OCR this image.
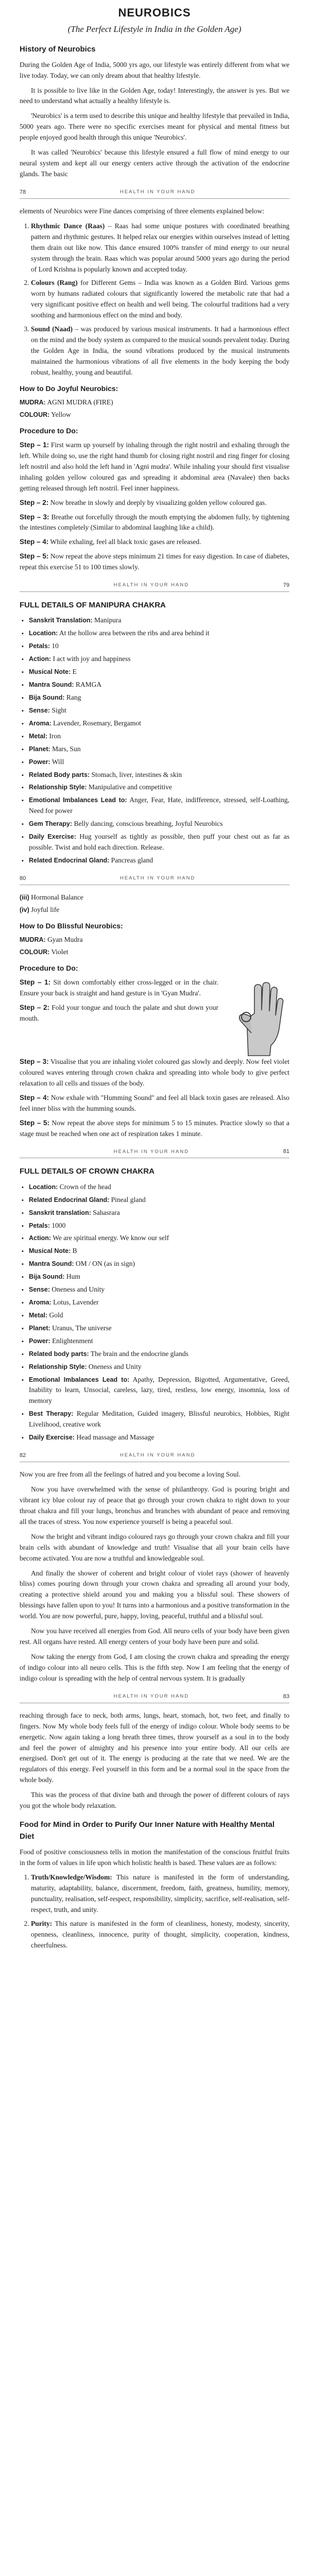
NEUROBICS
(The Perfect Lifestyle in India in the Golden Age)
History of Neurobics

During the Golden Age of India, 5000 yrs ago, our lifestyle was entirely different from what we live today. Today, we can only dream about that healthy lifestyle.

It is possible to live like in the Golden Age, today! Interestingly, the answer is yes. But we need to understand what actually a healthy lifestyle is.

'Neurobics' is a term used to describe this unique and healthy lifestyle that prevailed in India, 5000 years ago. There were no specific exercises meant for physical and mental fitness but people enjoyed good health through this unique 'Neurobics'.

It was called 'Neurobics' because this lifestyle ensured a full flow of mind energy to our neural system and kept all our energy centers active through the activation of the endocrine glands. The basic

78	HEALTH IN YOUR HAND

elements of Neurobics were Fine dances comprising of three elements explained below:

1. Rhythmic Dance (Raas) – Raas had some unique postures with coordinated breathing pattern and rhythmic gestures. It helped relax our energies within ourselves instead of letting them drain out like now. This dance ensured 100% transfer of mind energy to our neural system through the brain. Raas which was popular around 5000 years ago during the period of Lord Krishna is popularly known and accepted today.
2. Colours (Rang) for Different Gems – India was known as a Golden Bird. Various gems worn by humans radiated colours that significantly lowered the metabolic rate that had a very significant positive effect on health and well being. The colourful traditions had a very soothing and harmonious effect on the mind and body.
3. Sound (Naad) – was produced by various musical instruments. It had a harmonious effect on the mind and the body system as compared to the musical sounds prevalent today. During the Golden Age in India, the sound vibrations produced by the musical instruments maintained the harmonious vibrations of all five elements in the body keeping the body robust, healthy, young and beautiful.
How to Do Joyful Neurobics:
MUDRA: AGNI MUDRA (FIRE)
COLOUR: Yellow
Procedure to Do:

Step – 1: First warm up yourself by inhaling through the right nostril and exhaling through the left. While doing so, use the right hand thumb for closing right nostril and ring finger for closing left nostril and also hold the left hand in 'Agni mudra'. While inhaling your should first visualise inhaling golden yellow coloured gas and spreading it abdominal area (Navalee) then backs getting released through left nostril. Feel inner happiness.

Step – 2: Now breathe in slowly and deeply by visualizing golden yellow coloured gas.

Step – 3: Breathe out forcefully through the mouth emptying the abdomen fully, by tightening the intestines completely (Similar to abdominal laughing like a child).

Step – 4: While exhaling, feel all black toxic gases are released.

Step – 5: Now repeat the above steps minimum 21 times for easy digestion. In case of diabetes, repeat this exercise 51 to 100 times slowly.

HEALTH IN YOUR HAND	79
FULL DETAILS OF MANIPURA CHAKRA
▪ Sanskrit Translation: Manipura
▪ Location: At the hollow area between the ribs and area behind it
▪ Petals: 10
▪ Action: I act with joy and happiness
▪ Musical Note: E
▪ Mantra Sound: RAMGA
▪ Bija Sound: Rang
▪ Sense: Sight
▪ Aroma: Lavender, Rosemary, Bergamot
▪ Metal: Iron
▪ Planet: Mars, Sun
▪ Power: Will
▪ Related Body parts: Stomach, liver, intestines & skin
▪ Relationship Style: Manipulative and competitive
▪ Emotional Imbalances Lead to: Anger, Fear, Hate, indifference, stressed, self-Loathing, Need for power
▪ Gem Therapy: Belly dancing, conscious breathing, Joyful Neurobics
▪ Daily Exercise: Hug yourself as tightly as possible, then puff your chest out as far as possible. Twist and hold each direction. Release.
▪ Related Endocrinal Gland: Pancreas gland
80	HEALTH IN YOUR HAND
(iii) Hormonal Balance
(iv) Joyful life
How to Do Blissful Neurobics:
MUDRA: Gyan Mudra
COLOUR: Violet
Procedure to Do:

Step – 1: Sit down comfortably either cross-legged or in the chair. Ensure your back is straight and hand gesture is in 'Gyan Mudra'.

Step – 2: Fold your tongue and touch the palate and shut down your mouth.

Step – 3: Visualise that you are inhaling violet coloured gas slowly and deeply. Now feel violet coloured waves entering through crown chakra and spreading into whole body to give perfect relaxation to all cells and tissues of the body.

Step – 4: Now exhale with "Humming Sound" and feel all black toxin gases are released. Also feel inner bliss with the humming sounds.

Step – 5: Now repeat the above steps for minimum 5 to 15 minutes. Practice slowly so that a stage must be reached when one act of respiration takes 1 minute.

HEALTH IN YOUR HAND	81
FULL DETAILS OF CROWN CHAKRA
▪ Location: Crown of the head
▪ Related Endocrinal Gland: Pineal gland
▪ Sanskrit translation: Sahasrara
▪ Petals: 1000
▪ Action: We are spiritual energy. We know our self
▪ Musical Note: B
▪ Mantra Sound: OM / ON (as in sign)
▪ Bija Sound: Hum
▪ Sense: Oneness and Unity
▪ Aroma: Lotus, Lavender
▪ Metal: Gold
▪ Planet: Uranus, The universe
▪ Power: Enlightenment
▪ Related body parts: The brain and the endocrine glands
▪ Relationship Style: Oneness and Unity
▪ Emotional Imbalances Lead to: Apathy, Depression, Bigotted, Argumentative, Greed, Inability to learn, Unsocial, careless, lazy, tired, restless, low energy, insomnia, loss of memory
▪ Best Therapy: Regular Meditation, Guided imagery, Blissful neurobics, Hobbies, Right Livelihood, creative work
▪ Daily Exercise: Head massage and Massage
82	HEALTH IN YOUR HAND

Now you are free from all the feelings of hatred and you become a loving Soul.

Now you have overwhelmed with the sense of philanthropy. God is pouring bright and vibrant icy blue colour ray of peace that go through your crown chakra to right down to your throat chakra and fill your lungs, bronchus and branches with abundant of peace and removing all the traces of stress. You now experience yourself is being a peaceful soul.

Now the bright and vibrant indigo coloured rays go through your crown chakra and fill your brain cells with abundant of knowledge and truth! Visualise that all your brain cells have become activated. You are now a truthful and knowledgeable soul.

And finally the shower of coherent and bright colour of violet rays (shower of heavenly bliss) comes pouring down through your crown chakra and spreading all around your body, creating a protective shield around you and making you a blissful soul. These showers of blessings have fallen upon to you! It turns into a harmonious and a positive transformation in the world. You are now powerful, pure, happy, loving, peaceful, truthful and a blissful soul.

Now you have received all energies from God. All neuro cells of your body have been given rest. All organs have rested. All energy centers of your body have been pure and solid.

Now taking the energy from God, I am closing the crown chakra and spreading the energy of indigo colour into all neuro cells. This is the fifth step. Now I am feeling that the energy of indigo colour is spreading with the help of central nervous system. It is gradually

HEALTH IN YOUR HAND	83

reaching through face to neck, both arms, lungs, heart, stomach, hot, two feet, and finally to fingers. Now My whole body feels full of the energy of indigo colour. Whole body seems to be energetic. Now again taking a long breath three times, throw yourself as a soul in to the body and feel the power of almighty and his presence into your entire body. All our cells are energised. Don't get out of it. The energy is producing at the rate that we need. We are the regulators of this energy. Feel yourself in this form and be a normal soul in the space from the whole body.

This was the process of that divine bath and through the power of different colours of rays you got the whole body relaxation.

Food for Mind in Order to Purify Our Inner Nature with Healthy Mental Diet

Food of positive consciousness tells in motion the manifestation of the conscious fruitful fruits in the form of values in life upon which holistic health is based. These values are as follows:

1. Truth/Knowledge/Wisdom: This nature is manifested in the form of understanding, maturity, adaptability, balance, discernment, freedom, faith, greatness, humility, memory, punctuality, realisation, self-respect, responsibility, simplicity, sacrifice, self-realisation, self-respect, truth, and unity.
2. Purity: This nature is manifested in the form of cleanliness, honesty, modesty, sincerity, openness, cleanliness, innocence, purity of thought, simplicity, cooperation, kindness, cheerfulness.
